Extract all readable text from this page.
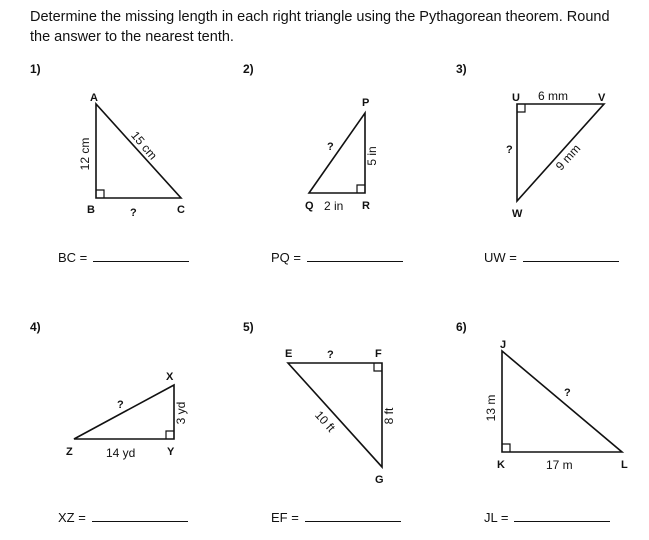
Determine the missing length in each right triangle using the Pythagorean theorem. Round the answer to the nearest tenth.
1)
A
B	C
12 cm	15 cm
?
BC =
2)
P
Q	R
?	5 in
2 in
PQ =
3)
U	V
W
6 mm
?	9 mm
UW =
4)
X
Z	Y
?	3 yd
14 yd
XZ =
5)
E	F
G
?
8 ft
10 ft
EF =
6)
J
K	L
13 m
?
17 m
JL =
